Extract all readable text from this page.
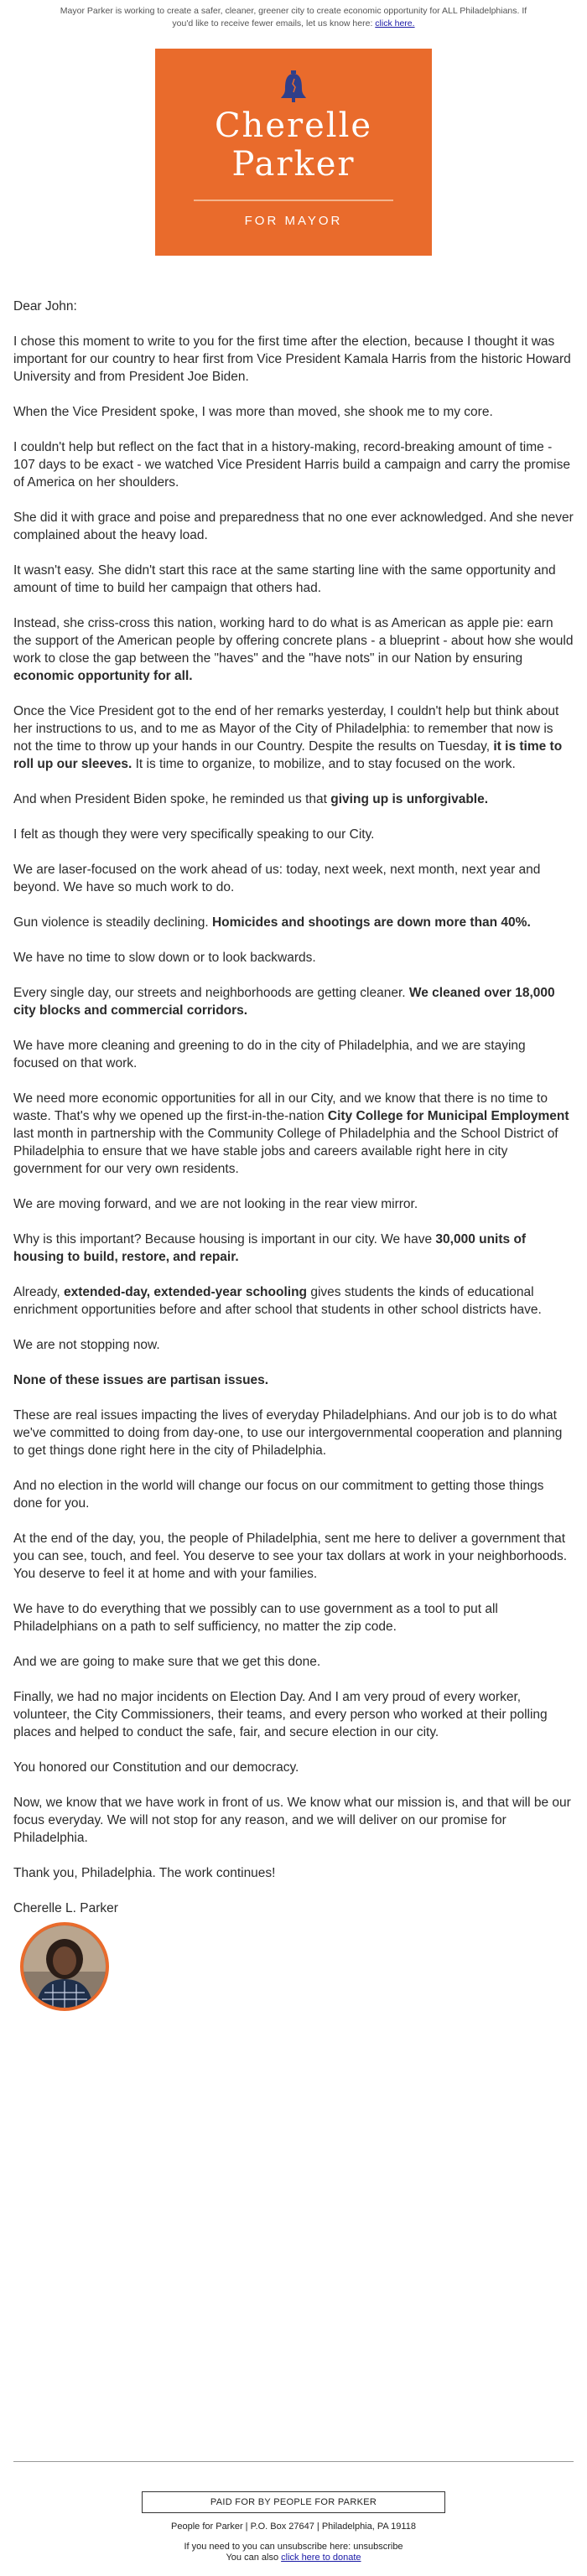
Mayor Parker is working to create a safer, cleaner, greener city to create economic opportunity for ALL Philadelphians. If you'd like to receive fewer emails, let us know here: click here.
Cherelle
Parker
FOR MAYOR

Dear John:

I chose this moment to write to you for the first time after the election, because I thought it was important for our country to hear first from Vice President Kamala Harris from the historic Howard University and from President Joe Biden.

When the Vice President spoke, I was more than moved, she shook me to my core.

I couldn't help but reflect on the fact that in a history-making, record-breaking amount of time - 107 days to be exact - we watched Vice President Harris build a campaign and carry the promise of America on her shoulders.

She did it with grace and poise and preparedness that no one ever acknowledged. And she never complained about the heavy load.

It wasn't easy. She didn't start this race at the same starting line with the same opportunity and amount of time to build her campaign that others had.

Instead, she criss-cross this nation, working hard to do what is as American as apple pie: earn the support of the American people by offering concrete plans - a blueprint - about how she would work to close the gap between the "haves" and the "have nots" in our Nation by ensuring economic opportunity for all.

Once the Vice President got to the end of her remarks yesterday, I couldn't help but think about her instructions to us, and to me as Mayor of the City of Philadelphia: to remember that now is not the time to throw up your hands in our Country. Despite the results on Tuesday, it is time to roll up our sleeves. It is time to organize, to mobilize, and to stay focused on the work.

And when President Biden spoke, he reminded us that giving up is unforgivable.

I felt as though they were very specifically speaking to our City.

We are laser-focused on the work ahead of us: today, next week, next month, next year and beyond. We have so much work to do.

Gun violence is steadily declining. Homicides and shootings are down more than 40%.

We have no time to slow down or to look backwards.

Every single day, our streets and neighborhoods are getting cleaner. We cleaned over 18,000 city blocks and commercial corridors.

We have more cleaning and greening to do in the city of Philadelphia, and we are staying focused on that work.

We need more economic opportunities for all in our City, and we know that there is no time to waste. That's why we opened up the first-in-the-nation City College for Municipal Employment last month in partnership with the Community College of Philadelphia and the School District of Philadelphia to ensure that we have stable jobs and careers available right here in city government for our very own residents.

We are moving forward, and we are not looking in the rear view mirror.

Why is this important? Because housing is important in our city. We have 30,000 units of housing to build, restore, and repair.

Already, extended-day, extended-year schooling gives students the kinds of educational enrichment opportunities before and after school that students in other school districts have.

We are not stopping now.

None of these issues are partisan issues.

These are real issues impacting the lives of everyday Philadelphians. And our job is to do what we've committed to doing from day-one, to use our intergovernmental cooperation and planning to get things done right here in the city of Philadelphia.

And no election in the world will change our focus on our commitment to getting those things done for you.

At the end of the day, you, the people of Philadelphia, sent me here to deliver a government that you can see, touch, and feel. You deserve to see your tax dollars at work in your neighborhoods. You deserve to feel it at home and with your families.

We have to do everything that we possibly can to use government as a tool to put all Philadelphians on a path to self sufficiency, no matter the zip code.

And we are going to make sure that we get this done.

Finally, we had no major incidents on Election Day. And I am very proud of every worker, volunteer, the City Commissioners, their teams, and every person who worked at their polling places and helped to conduct the safe, fair, and secure election in our city.

You honored our Constitution and our democracy.

Now, we know that we have work in front of us. We know what our mission is, and that will be our focus everyday. We will not stop for any reason, and we will deliver on our promise for Philadelphia.

Thank you, Philadelphia. The work continues!

Cherelle L. Parker

PAID FOR BY PEOPLE FOR PARKER
People for Parker | P.O. Box 27647 | Philadelphia, PA 19118
If you need to you can unsubscribe here: unsubscribe
You can also click here to donate
